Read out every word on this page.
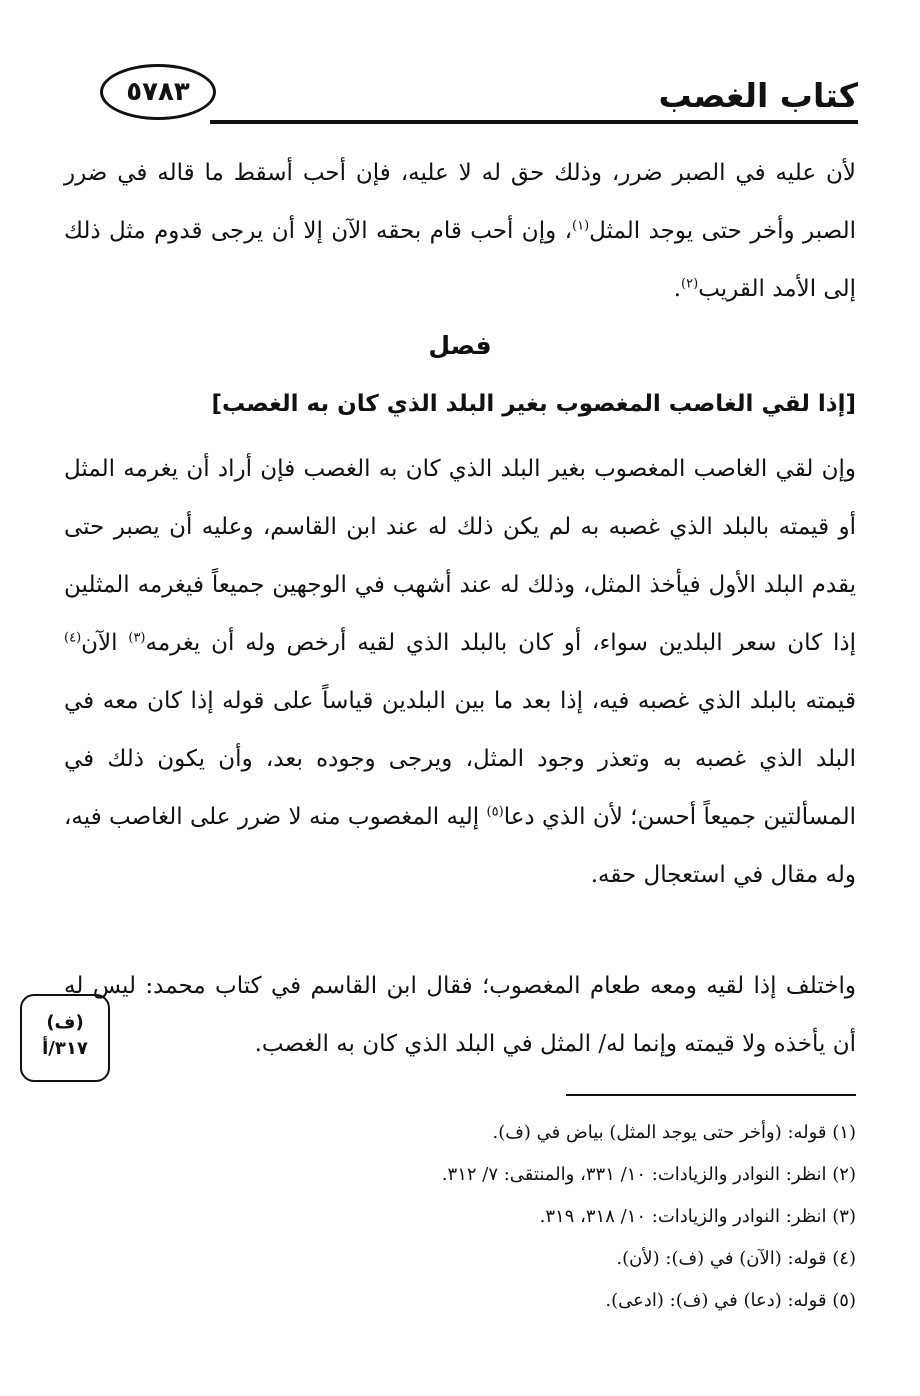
كتاب الغصب
٥٧٨٣
لأن عليه في الصبر ضرر، وذلك حق له لا عليه، فإن أحب أسقط ما قاله في ضرر الصبر وأخر حتى يوجد المثل$^{(١)}$، وإن أحب قام بحقه الآن إلا أن يرجى قدوم مثل ذلك إلى الأمد القريب$^{(٢)}$.
فصل
[إذا لقي الغاصب المغصوب بغير البلد الذي كان به الغصب]
وإن لقي الغاصب المغصوب بغير البلد الذي كان به الغصب فإن أراد أن يغرمه المثل أو قيمته بالبلد الذي غصبه به لم يكن ذلك له عند ابن القاسم، وعليه أن يصبر حتى يقدم البلد الأول فيأخذ المثل، وذلك له عند أشهب في الوجهين جميعاً فيغرمه المثلين إذا كان سعر البلدين سواء، أو كان بالبلد الذي لقيه أرخص وله أن يغرمه$^{(٣)}$ الآن$^{(٤)}$ قيمته بالبلد الذي غصبه فيه، إذا بعد ما بين البلدين قياساً على قوله إذا كان معه في البلد الذي غصبه به وتعذر وجود المثل، ويرجى وجوده بعد، وأن يكون ذلك في المسألتين جميعاً أحسن؛ لأن الذي دعا$^{(٥)}$ إليه المغصوب منه لا ضرر على الغاصب فيه، وله مقال في استعجال حقه.
واختلف إذا لقيه ومعه طعام المغصوب؛ فقال ابن القاسم في كتاب محمد: ليس له أن يأخذه ولا قيمته وإنما له/ المثل في البلد الذي كان به الغصب.
(ف)
٣١٧/أ
(١) قوله: (وأخر حتى يوجد المثل) بياض في (ف).
(٢) انظر: النوادر والزيادات: ١٠/ ٣٣١، والمنتقى: ٧/ ٣١٢.
(٣) انظر: النوادر والزيادات: ١٠/ ٣١٨، ٣١٩.
(٤) قوله: (الآن) في (ف): (لأن).
(٥) قوله: (دعا) في (ف): (ادعى).
